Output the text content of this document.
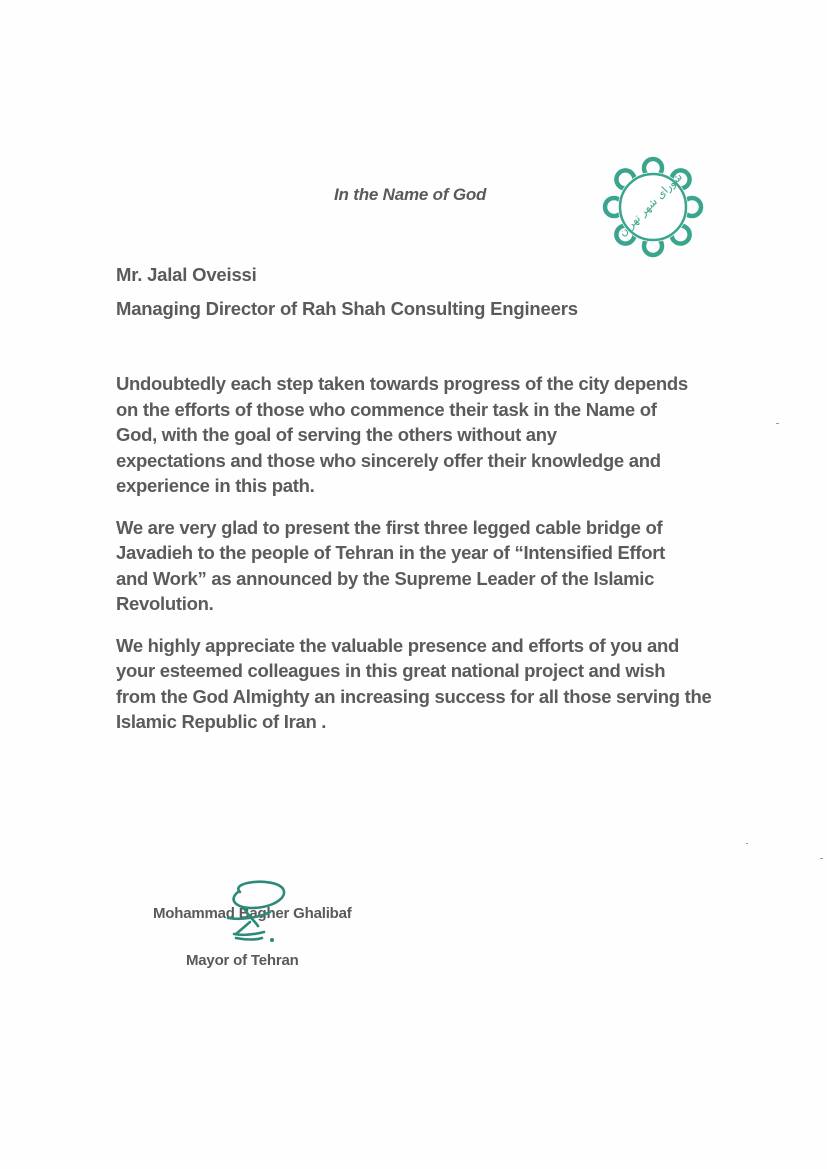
In the Name of God	شورای شهر تهران
Mr. Jalal Oveissi
Managing Director of Rah Shah Consulting Engineers
Undoubtedly each step taken towards progress of the city depends
on the efforts of those who commence their task in the Name of
God, with the goal of serving the others without any
expectations and those who sincerely offer their knowledge and
experience in this path.
We are very glad to present the first three legged cable bridge of
Javadieh to the people of Tehran in the year of “Intensified Effort
and Work” as announced by the Supreme Leader of the Islamic
Revolution.
We highly appreciate the valuable presence and efforts of you and
your esteemed colleagues in this great national project and wish
from the God Almighty an increasing success for all those serving the
Islamic Republic of Iran .
Mohammad Bagher Ghalibaf
Mayor of Tehran
